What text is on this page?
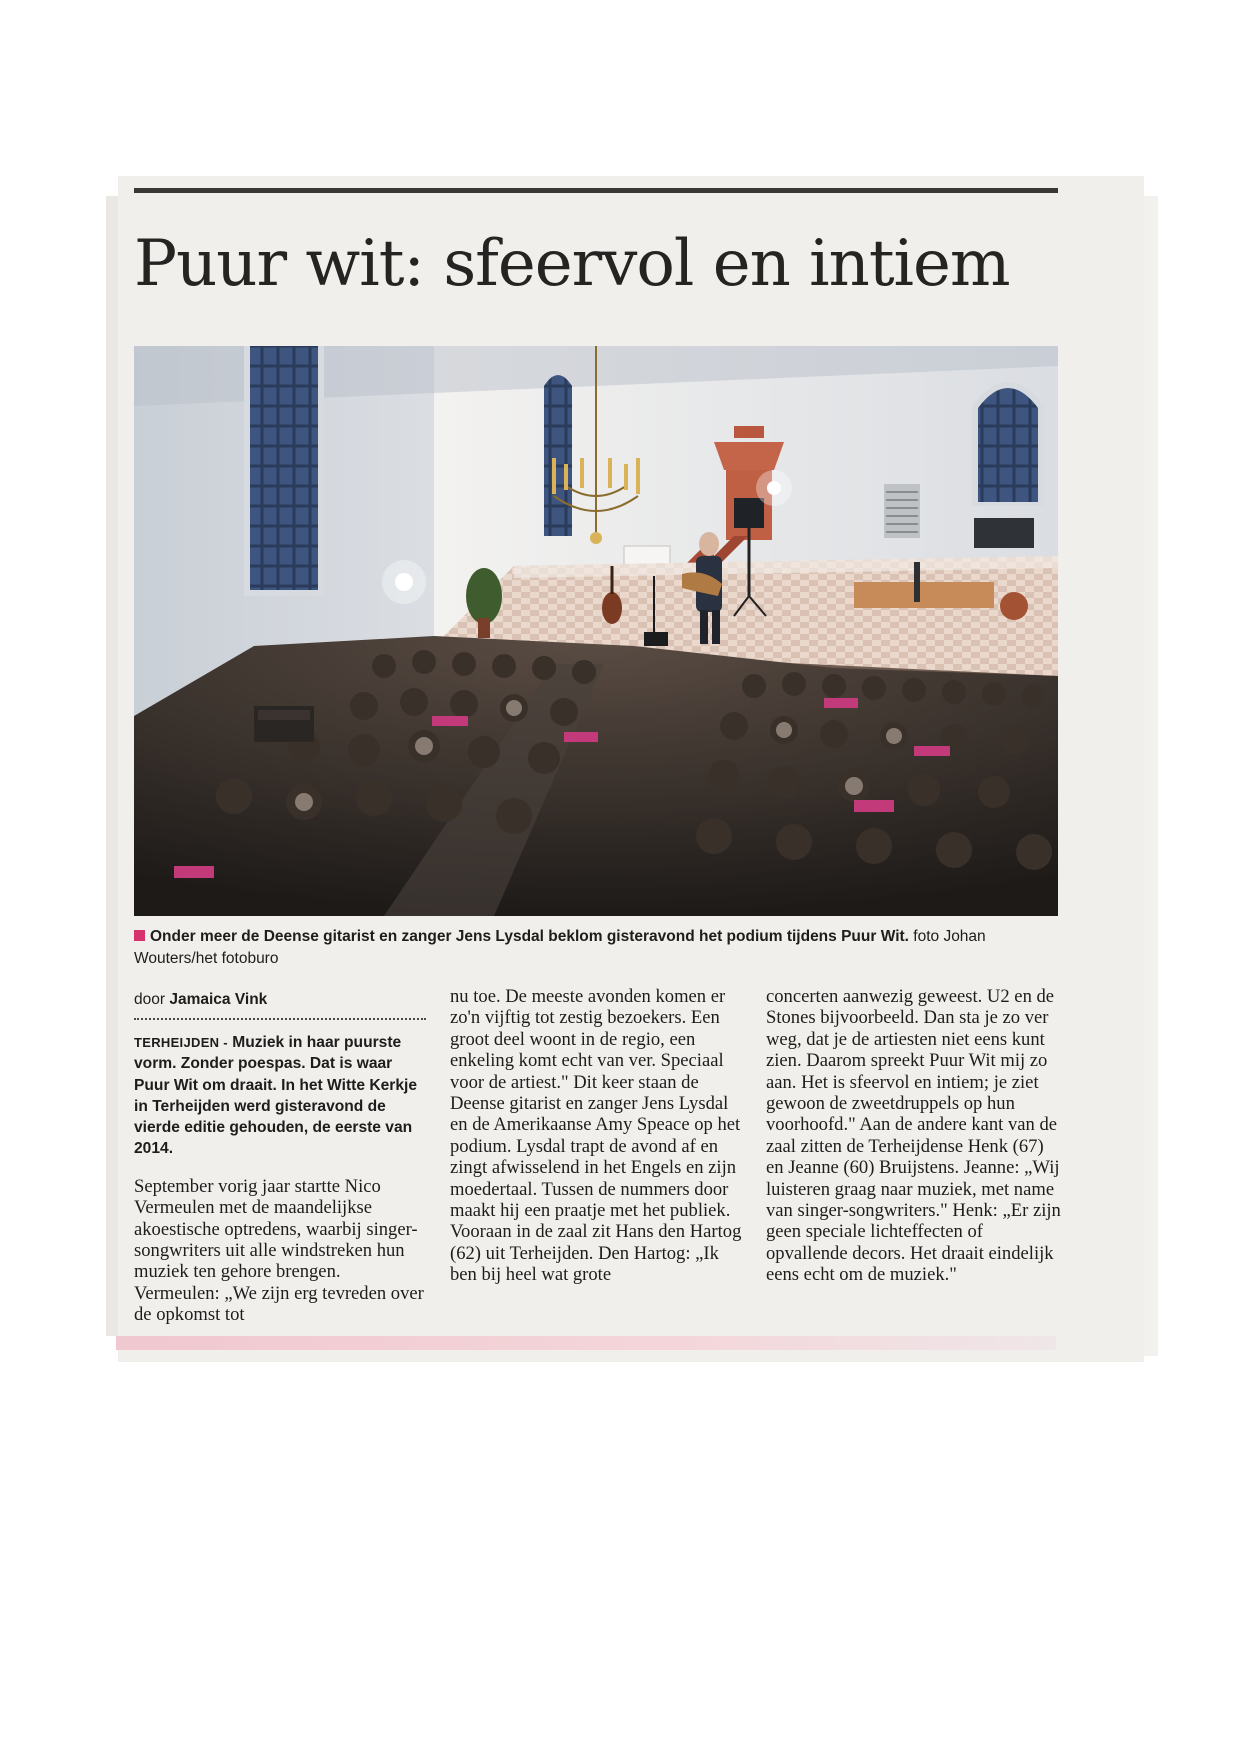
Puur wit: sfeervol en intiem
Onder meer de Deense gitarist en zanger Jens Lysdal beklom gisteravond het podium tijdens Puur Wit. foto Johan Wouters/het fotoburo
door Jamaica Vink

TERHEIJDEN - Muziek in haar puurste vorm. Zonder poespas. Dat is waar Puur Wit om draait. In het Witte Kerkje in Terheijden werd gisteravond de vierde editie gehouden, de eerste van 2014.

September vorig jaar startte Nico Vermeulen met de maandelijkse akoestische optredens, waarbij singer-songwriters uit alle windstreken hun muziek ten gehore brengen. Vermeulen: „We zijn erg tevreden over de opkomst tot

nu toe. De meeste avonden komen er zo'n vijftig tot zestig bezoekers. Een groot deel woont in de regio, een enkeling komt echt van ver. Speciaal voor de artiest." Dit keer staan de Deense gitarist en zanger Jens Lysdal en de Amerikaanse Amy Speace op het podium. Lysdal trapt de avond af en zingt afwisselend in het Engels en zijn moedertaal. Tussen de nummers door maakt hij een praatje met het publiek. Vooraan in de zaal zit Hans den Hartog (62) uit Terheijden. Den Hartog: „Ik ben bij heel wat grote

concerten aanwezig geweest. U2 en de Stones bijvoorbeeld. Dan sta je zo ver weg, dat je de artiesten niet eens kunt zien. Daarom spreekt Puur Wit mij zo aan. Het is sfeervol en intiem; je ziet gewoon de zweetdruppels op hun voorhoofd." Aan de andere kant van de zaal zitten de Terheijdense Henk (67) en Jeanne (60) Bruijstens. Jeanne: „Wij luisteren graag naar muziek, met name van singer-songwriters." Henk: „Er zijn geen speciale lichteffecten of opvallende decors. Het draait eindelijk eens echt om de muziek."
